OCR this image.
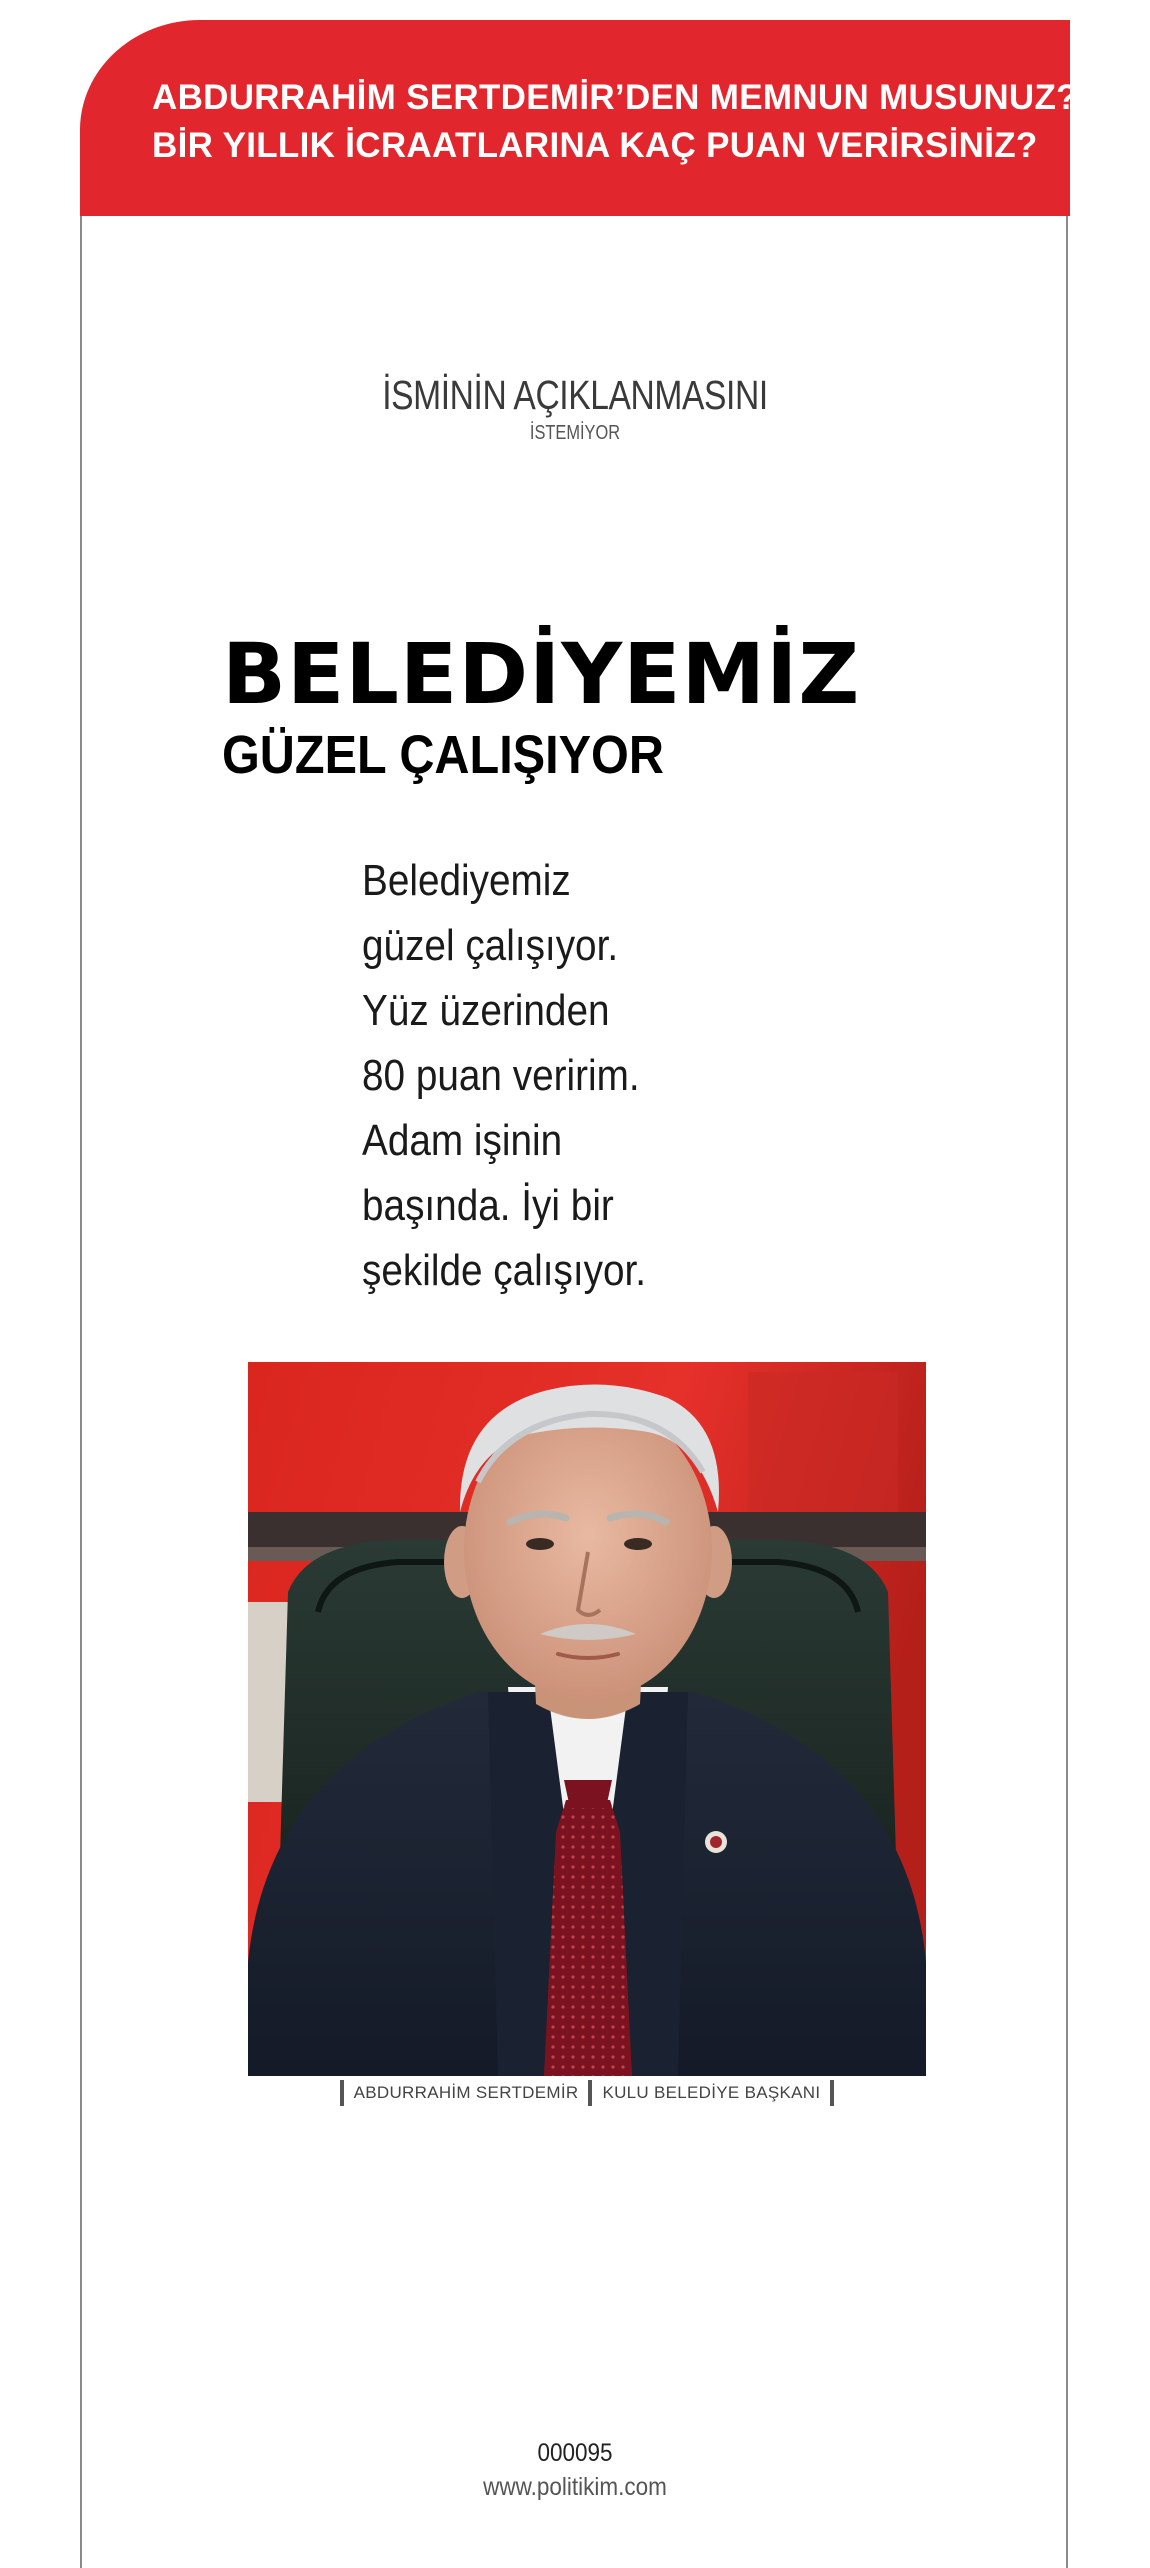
ABDURRAHİM SERTDEMİR’DEN MEMNUN MUSUNUZ?
BİR YILLIK İCRAATLARINA KAÇ PUAN VERİRSİNİZ?
İSMİNİN AÇIKLANMASINI
İSTEMİYOR
BELEDİYEMİZ
GÜZEL ÇALIŞIYOR
Belediyemiz
güzel çalışıyor.
Yüz üzerinden
80 puan veririm.
Adam işinin
başında. İyi bir
şekilde çalışıyor.
ABDURRAHİM SERTDEMİR KULU BELEDİYE BAŞKANI
000095
www.politikim.com
